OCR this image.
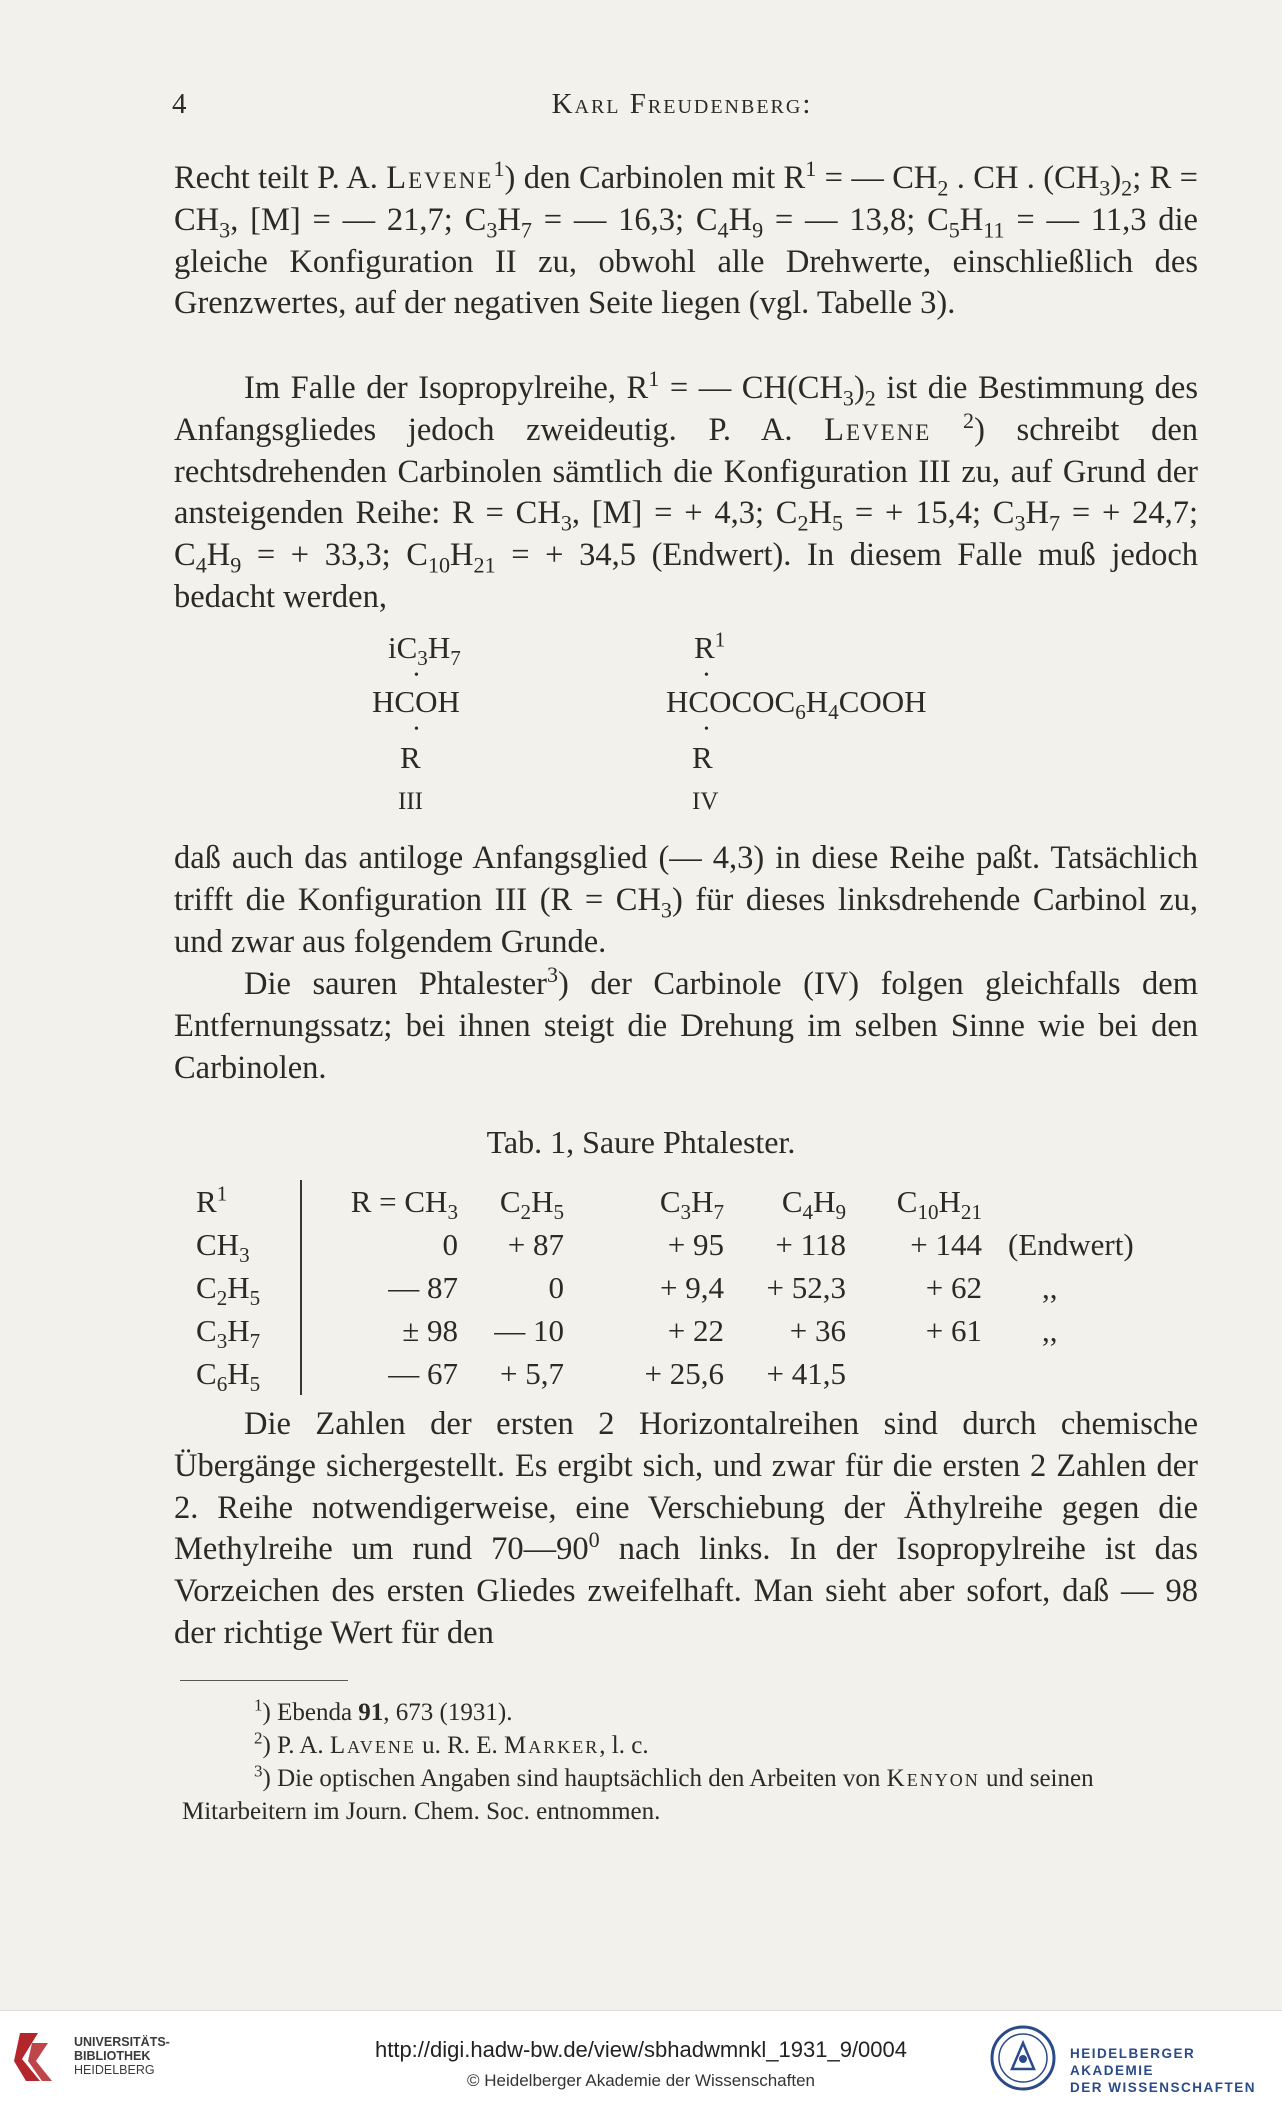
4	Karl Freudenberg:

Recht teilt P. A. Levene$^1$) den Carbinolen mit $R^1$ = — $CH_2$ . CH . $(CH_3)_2$; $R = CH_3$, [M] = — 21,7; $C_3H_7$ = — 16,3; $C_4H_9$ = — 13,8; $C_5H_{11}$ = — 11,3 die gleiche Konfiguration II zu, obwohl alle Drehwerte, einschließlich des Grenzwertes, auf der negativen Seite liegen (vgl. Tabelle 3).

Im Falle der Isopropylreihe, $R^1$ = — $CH(CH_3)_2$ ist die Bestimmung des Anfangsgliedes jedoch zweideutig. P. A. Levene $^2$) schreibt den rechtsdrehenden Carbinolen sämtlich die Konfiguration III zu, auf Grund der ansteigenden Reihe: $R = CH_3$, [M] = + 4,3; $C_2H_5$ = + 15,4; $C_3H_7$ = + 24,7; $C_4H_9$ = + 33,3; $C_{10}H_{21}$ = + 34,5 (Endwert). In diesem Falle muß jedoch bedacht werden,

$iC_3H_7$
•
HCOH
•
R
III
$R^1$
•
$HCOCOC_6H_4COOH$
•
R
IV

daß auch das antiloge Anfangsglied (— 4,3) in diese Reihe paßt. Tatsächlich trifft die Konfiguration III $(R = CH_3)$ für dieses linksdrehende Carbinol zu, und zwar aus folgendem Grunde.

Die sauren Phtalester$^3$) der Carbinole (IV) folgen gleichfalls dem Entfernungssatz; bei ihnen steigt die Drehung im selben Sinne wie bei den Carbinolen.

Tab. 1, Saure Phtalester.
$R^1$		$R = CH_3$	$C_2H_5$	$C_3H_7$	$C_4H_9$	$C_{10}H_{21}$	
$CH_3$		0	+ 87	+ 95	+ 118	+ 144	(Endwert)
$C_2H_5$		— 87	0	+ 9,4	+ 52,3	+ 62	,,
$C_3H_7$		± 98	— 10	+ 22	+ 36	+ 61	,,
$C_6H_5$		— 67	+ 5,7	+ 25,6	+ 41,5		

Die Zahlen der ersten 2 Horizontalreihen sind durch chemische Übergänge sichergestellt. Es ergibt sich, und zwar für die ersten 2 Zahlen der 2. Reihe notwendigerweise, eine Verschiebung der Äthylreihe gegen die Methylreihe um rund $70—90^0$ nach links. In der Isopropylreihe ist das Vorzeichen des ersten Gliedes zweifelhaft. Man sieht aber sofort, daß — 98 der richtige Wert für den

$^1$) Ebenda 91, 673 (1931).

$^2$) P. A. Lavene u. R. E. Marker, l. c.

$^3$) Die optischen Angaben sind hauptsächlich den Arbeiten von Kenyon und seinen Mitarbeitern im Journ. Chem. Soc. entnommen.

UNIVERSITÄTS-
BIBLIOTHEK
HEIDELBERG
http://digi.hadw-bw.de/view/sbhadwmnkl_1931_9/0004
© Heidelberger Akademie der Wissenschaften
HEIDELBERGER AKADEMIE
DER WISSENSCHAFTEN
